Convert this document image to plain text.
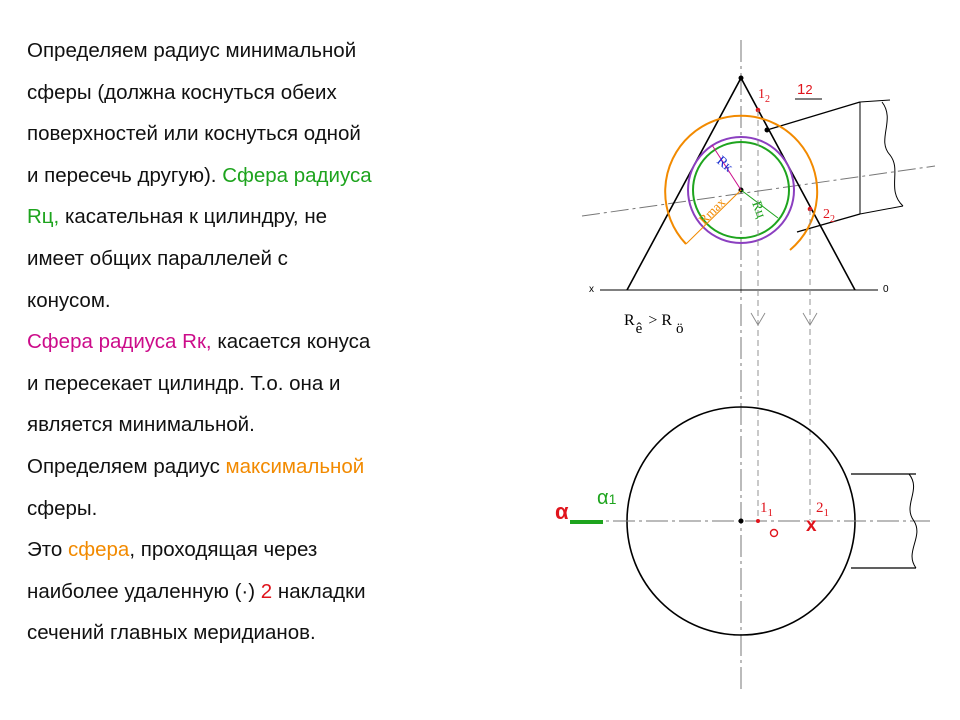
Определяем радиус минимальной
сферы (должна коснуться обеих
поверхностей или коснуться одной
и пересечь другую). Сфера радиуса
Rц, касательная к цилиндру, не
имеет общих параллелей с
конусом.
Сфера радиуса Rк, касается конуса
и пересекает цилиндр. Т.о. она и
является минимальной.
Определяем радиус максимальной
сферы.
Это сфера, проходящая через
наиболее удаленную (·) 2 накладки
сечений главных меридианов.
x	0
Rк
Rц
Rmax
$1_2$
12
$2_2$
Rê > R ö
x
$1_1$	$2_1$
α
α1
